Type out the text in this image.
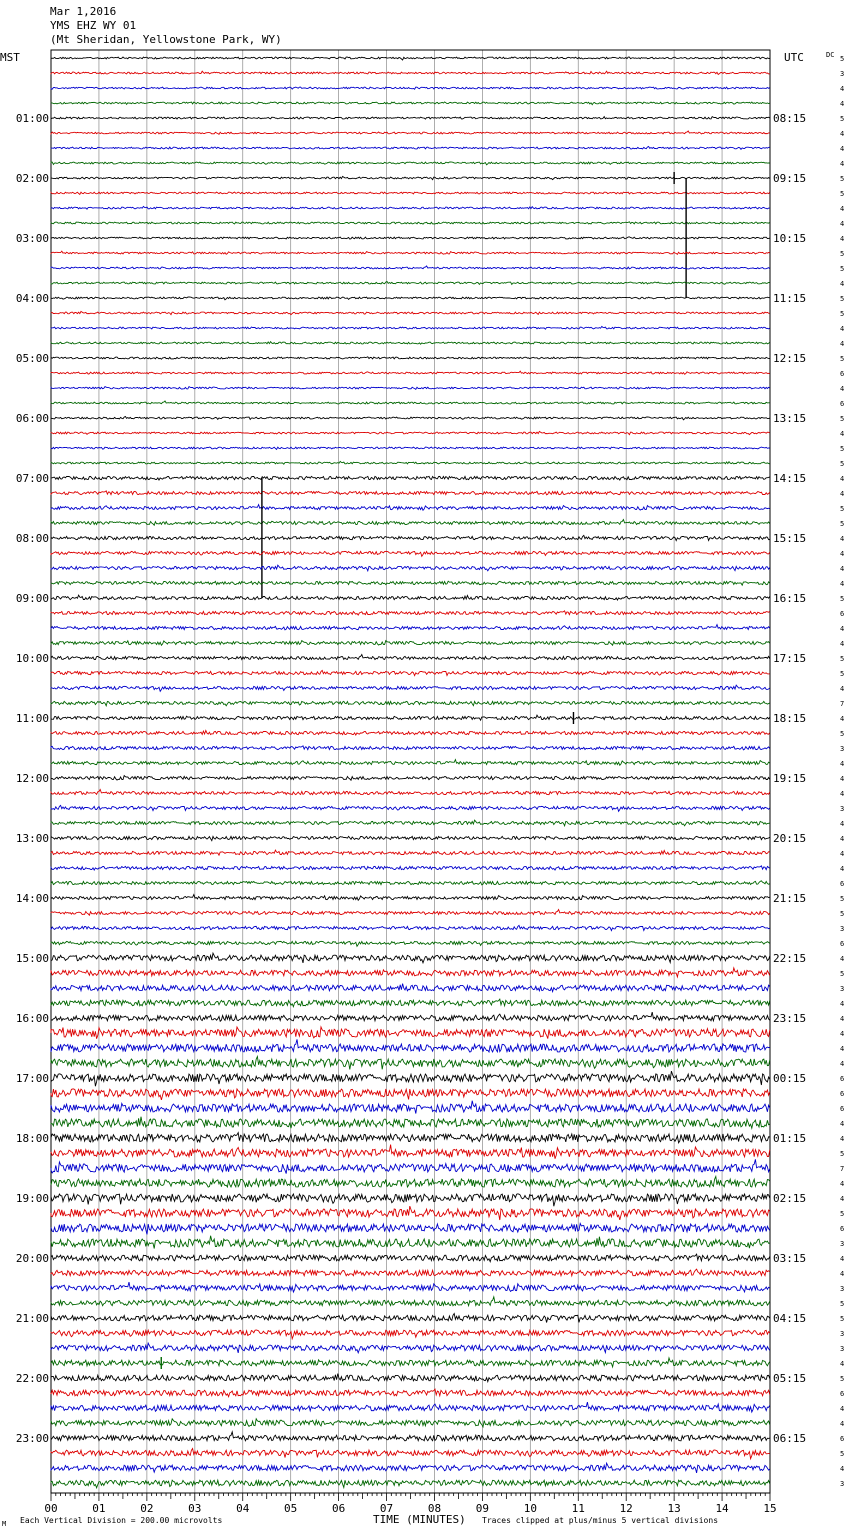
Mar 1,2016
YMS EHZ WY 01
(Mt Sheridan, Yellowstone Park, WY)
00	01	02	03	04	05	06	07	08	09	10	11	12	13	14	15
5
3
4
4
5
4
4
4
5
5
4
4
4
5
5
4
5
5
4
4
5
6
4
6
5
4
5
5
4
4
5
5
4
4
4
4
5
6
4
4
5
5
4
7
4
5
3
4
4
4
3
4
4
4
4
6
5
5
3
6
4
5
3
4
4
4
4
4
6
6
6
4
4
5
7
4
4
5
6
3
4
4
3
5
5
3
3
4
5
6
4
4
6
5
4
3
01:00
02:00
03:00
04:00
05:00
06:00
07:00
08:00
09:00
10:00
11:00
12:00
13:00
14:00
15:00
16:00
17:00
18:00
19:00
20:00
21:00
22:00
23:00
08:15
09:15
10:15
11:15
12:15
13:15
14:15
15:15
16:15
17:15
18:15
19:15
20:15
21:15
22:15
23:15
00:15
01:15
02:15
03:15
04:15
05:15
06:15
MST	UTC	DC
TIME (MINUTES)
Each Vertical Division = 200.00 microvolts	Traces clipped at plus/minus 5 vertical divisions
M
